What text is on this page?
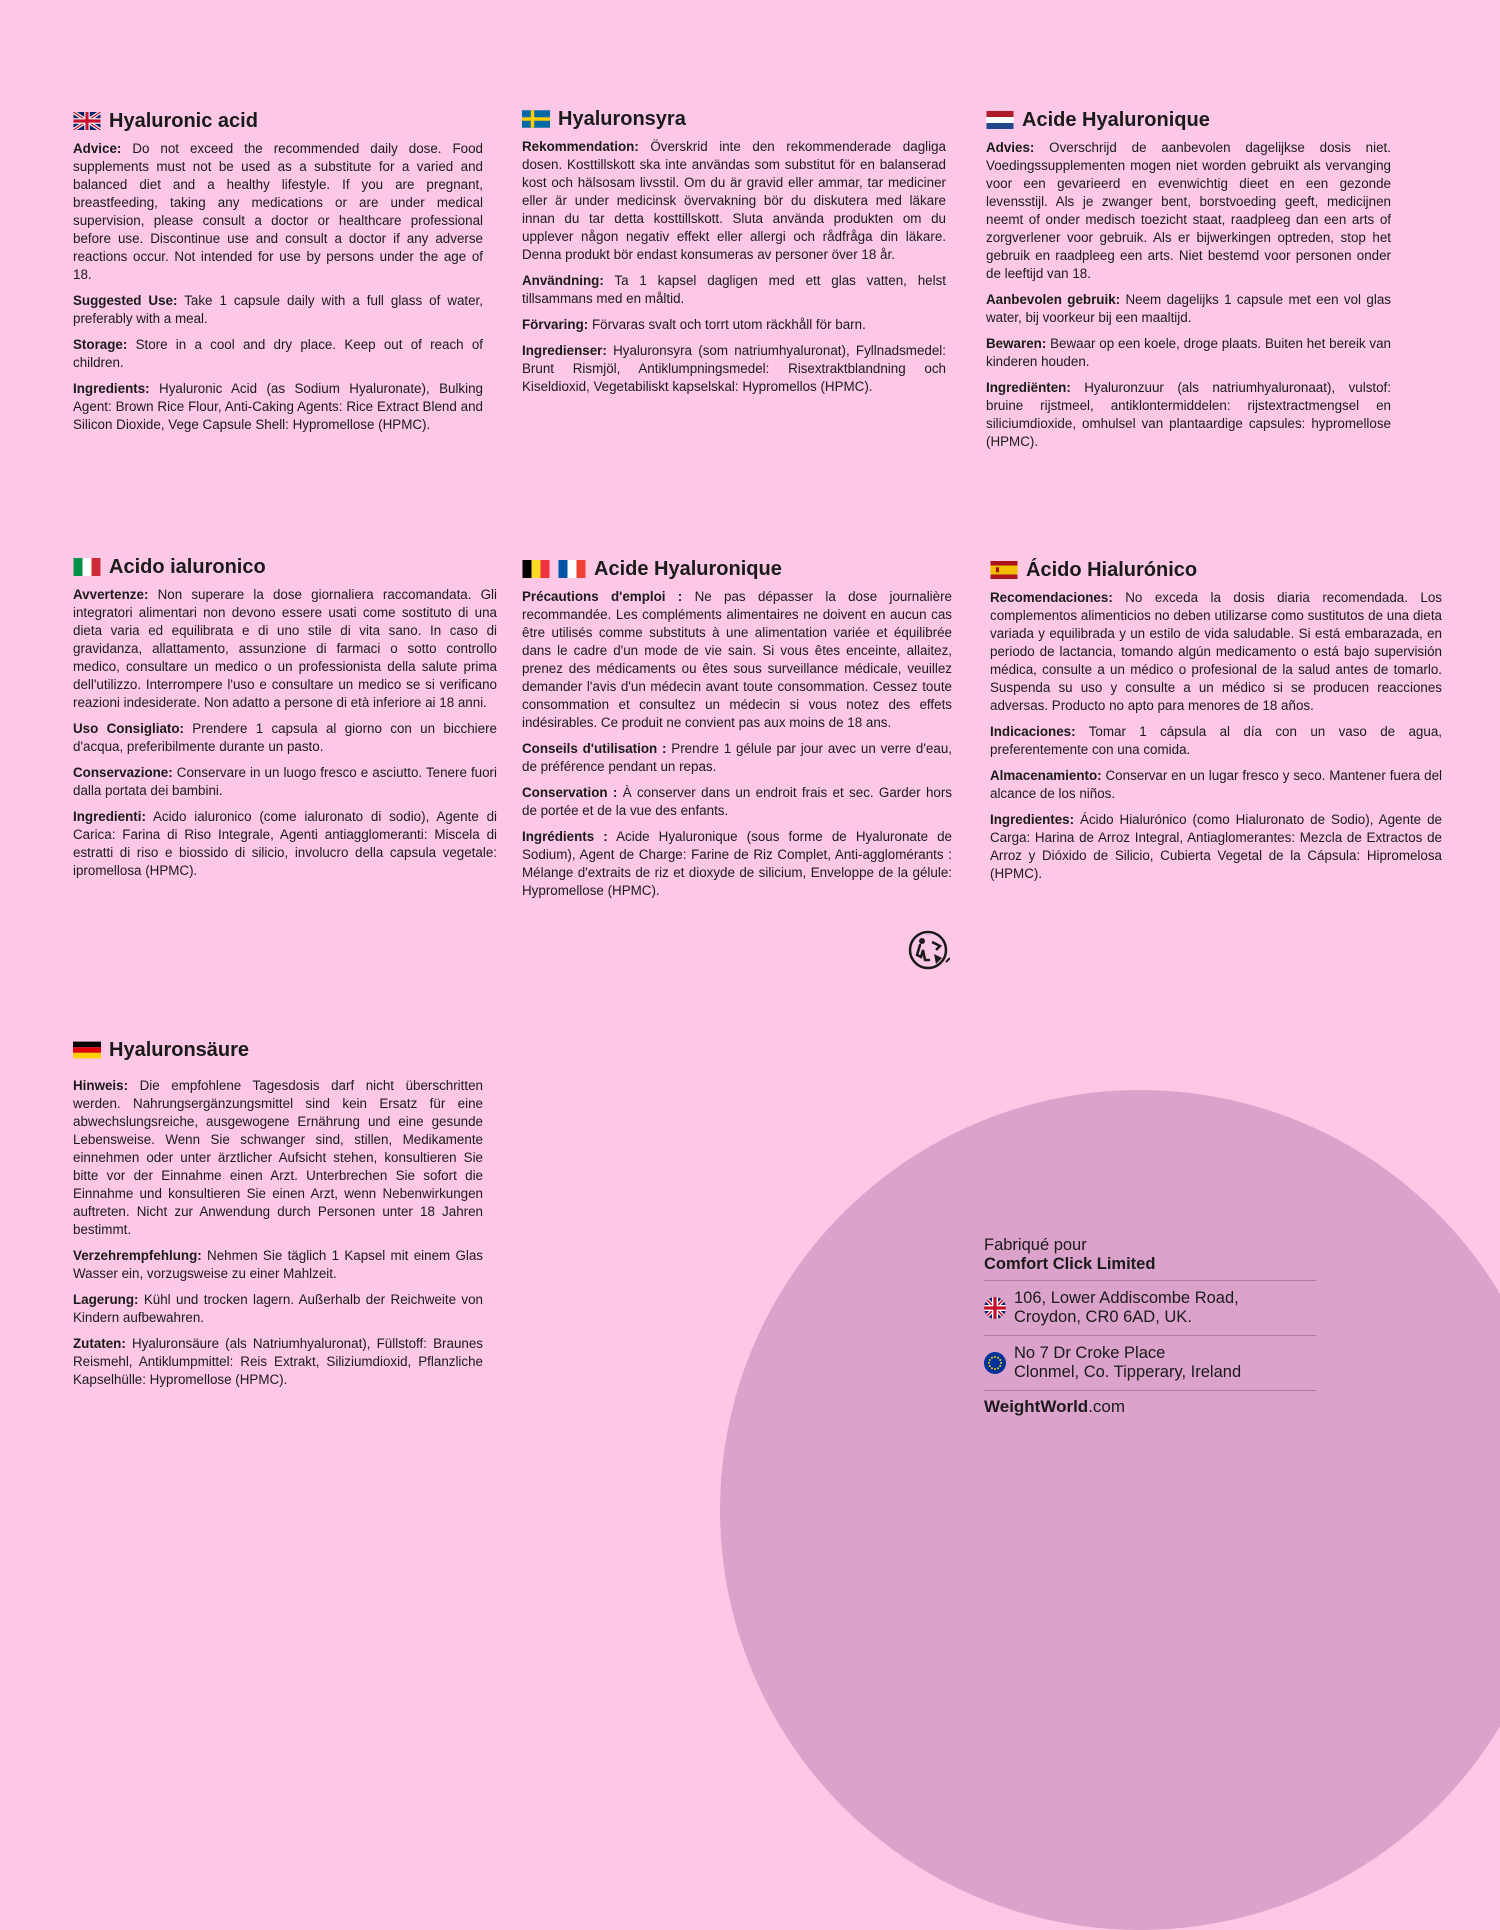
Hyaluronic acid

Advice: Do not exceed the recommended daily dose. Food supplements must not be used as a substitute for a varied and balanced diet and a healthy lifestyle. If you are pregnant, breastfeeding, taking any medications or are under medical supervision, please consult a doctor or healthcare professional before use. Discontinue use and consult a doctor if any adverse reactions occur. Not intended for use by persons under the age of 18.

Suggested Use: Take 1 capsule daily with a full glass of water, preferably with a meal.

Storage: Store in a cool and dry place. Keep out of reach of children.

Ingredients: Hyaluronic Acid (as Sodium Hyaluronate), Bulking Agent: Brown Rice Flour, Anti-Caking Agents: Rice Extract Blend and Silicon Dioxide, Vege Capsule Shell: Hypromellose (HPMC).

Hyaluronsyra

Rekommendation: Överskrid inte den rekommenderade dagliga dosen. Kosttillskott ska inte användas som substitut för en balanserad kost och hälsosam livsstil. Om du är gravid eller ammar, tar mediciner eller är under medicinsk övervakning bör du diskutera med läkare innan du tar detta kosttillskott. Sluta använda produkten om du upplever någon negativ effekt eller allergi och rådfråga din läkare. Denna produkt bör endast konsumeras av personer över 18 år.

Användning: Ta 1 kapsel dagligen med ett glas vatten, helst tillsammans med en måltid.

Förvaring: Förvaras svalt och torrt utom räckhåll för barn.

Ingredienser: Hyaluronsyra (som natriumhyaluronat), Fyllnadsmedel: Brunt Rismjöl, Antiklumpningsmedel: Risextraktblandning och Kiseldioxid, Vegetabiliskt kapselskal: Hypromellos (HPMC).

Acide Hyaluronique

Advies: Overschrijd de aanbevolen dagelijkse dosis niet. Voedingssupplementen mogen niet worden gebruikt als vervanging voor een gevarieerd en evenwichtig dieet en een gezonde levensstijl. Als je zwanger bent, borstvoeding geeft, medicijnen neemt of onder medisch toezicht staat, raadpleeg dan een arts of zorgverlener voor gebruik. Als er bijwerkingen optreden, stop het gebruik en raadpleeg een arts. Niet bestemd voor personen onder de leeftijd van 18.

Aanbevolen gebruik: Neem dagelijks 1 capsule met een vol glas water, bij voorkeur bij een maaltijd.

Bewaren: Bewaar op een koele, droge plaats. Buiten het bereik van kinderen houden.

Ingrediënten: Hyaluronzuur (als natriumhyaluronaat), vulstof: bruine rijstmeel, antiklontermiddelen: rijstextractmengsel en siliciumdioxide, omhulsel van plantaardige capsules: hypromellose (HPMC).

Acido ialuronico

Avvertenze: Non superare la dose giornaliera raccomandata. Gli integratori alimentari non devono essere usati come sostituto di una dieta varia ed equilibrata e di uno stile di vita sano. In caso di gravidanza, allattamento, assunzione di farmaci o sotto controllo medico, consultare un medico o un professionista della salute prima dell'utilizzo. Interrompere l'uso e consultare un medico se si verificano reazioni indesiderate. Non adatto a persone di età inferiore ai 18 anni.

Uso Consigliato: Prendere 1 capsula al giorno con un bicchiere d'acqua, preferibilmente durante un pasto.

Conservazione: Conservare in un luogo fresco e asciutto. Tenere fuori dalla portata dei bambini.

Ingredienti: Acido ialuronico (come ialuronato di sodio), Agente di Carica: Farina di Riso Integrale, Agenti antiagglomeranti: Miscela di estratti di riso e biossido di silicio, involucro della capsula vegetale: ipromellosa (HPMC).

Acide Hyaluronique

Précautions d'emploi : Ne pas dépasser la dose journalière recommandée. Les compléments alimentaires ne doivent en aucun cas être utilisés comme substituts à une alimentation variée et équilibrée dans le cadre d'un mode de vie sain. Si vous êtes enceinte, allaitez, prenez des médicaments ou êtes sous surveillance médicale, veuillez demander l'avis d'un médecin avant toute consommation. Cessez toute consommation et consultez un médecin si vous notez des effets indésirables. Ce produit ne convient pas aux moins de 18 ans.

Conseils d'utilisation : Prendre 1 gélule par jour avec un verre d'eau, de préférence pendant un repas.

Conservation : À conserver dans un endroit frais et sec. Garder hors de portée et de la vue des enfants.

Ingrédients : Acide Hyaluronique (sous forme de Hyaluronate de Sodium), Agent de Charge: Farine de Riz Complet, Anti-agglomérants : Mélange d'extraits de riz et dioxyde de silicium, Enveloppe de la gélule: Hypromellose (HPMC).

Ácido Hialurónico

Recomendaciones: No exceda la dosis diaria recomendada. Los complementos alimenticios no deben utilizarse como sustitutos de una dieta variada y equilibrada y un estilo de vida saludable. Si está embarazada, en periodo de lactancia, tomando algún medicamento o está bajo supervisión médica, consulte a un médico o profesional de la salud antes de tomarlo. Suspenda su uso y consulte a un médico si se producen reacciones adversas. Producto no apto para menores de 18 años.

Indicaciones: Tomar 1 cápsula al día con un vaso de agua, preferentemente con una comida.

Almacenamiento: Conservar en un lugar fresco y seco. Mantener fuera del alcance de los niños.

Ingredientes: Ácido Hialurónico (como Hialuronato de Sodio), Agente de Carga: Harina de Arroz Integral, Antiaglomerantes: Mezcla de Extractos de Arroz y Dióxido de Silicio, Cubierta Vegetal de la Cápsula: Hipromelosa (HPMC).

Hyaluronsäure

Hinweis: Die empfohlene Tagesdosis darf nicht überschritten werden. Nahrungsergänzungsmittel sind kein Ersatz für eine abwechslungsreiche, ausgewogene Ernährung und eine gesunde Lebensweise. Wenn Sie schwanger sind, stillen, Medikamente einnehmen oder unter ärztlicher Aufsicht stehen, konsultieren Sie bitte vor der Einnahme einen Arzt. Unterbrechen Sie sofort die Einnahme und konsultieren Sie einen Arzt, wenn Nebenwirkungen auftreten. Nicht zur Anwendung durch Personen unter 18 Jahren bestimmt.

Verzehrempfehlung: Nehmen Sie täglich 1 Kapsel mit einem Glas Wasser ein, vorzugsweise zu einer Mahlzeit.

Lagerung: Kühl und trocken lagern. Außerhalb der Reichweite von Kindern aufbewahren.

Zutaten: Hyaluronsäure (als Natriumhyaluronat), Füllstoff: Braunes Reismehl, Antiklumpmittel: Reis Extrakt, Siliziumdioxid, Pflanzliche Kapselhülle: Hypromellose (HPMC).

Fabriqué pour
Comfort Click Limited
106, Lower Addiscombe Road,
Croydon, CR0 6AD, UK.
No 7 Dr Croke Place
Clonmel, Co. Tipperary, Ireland
WeightWorld.com
